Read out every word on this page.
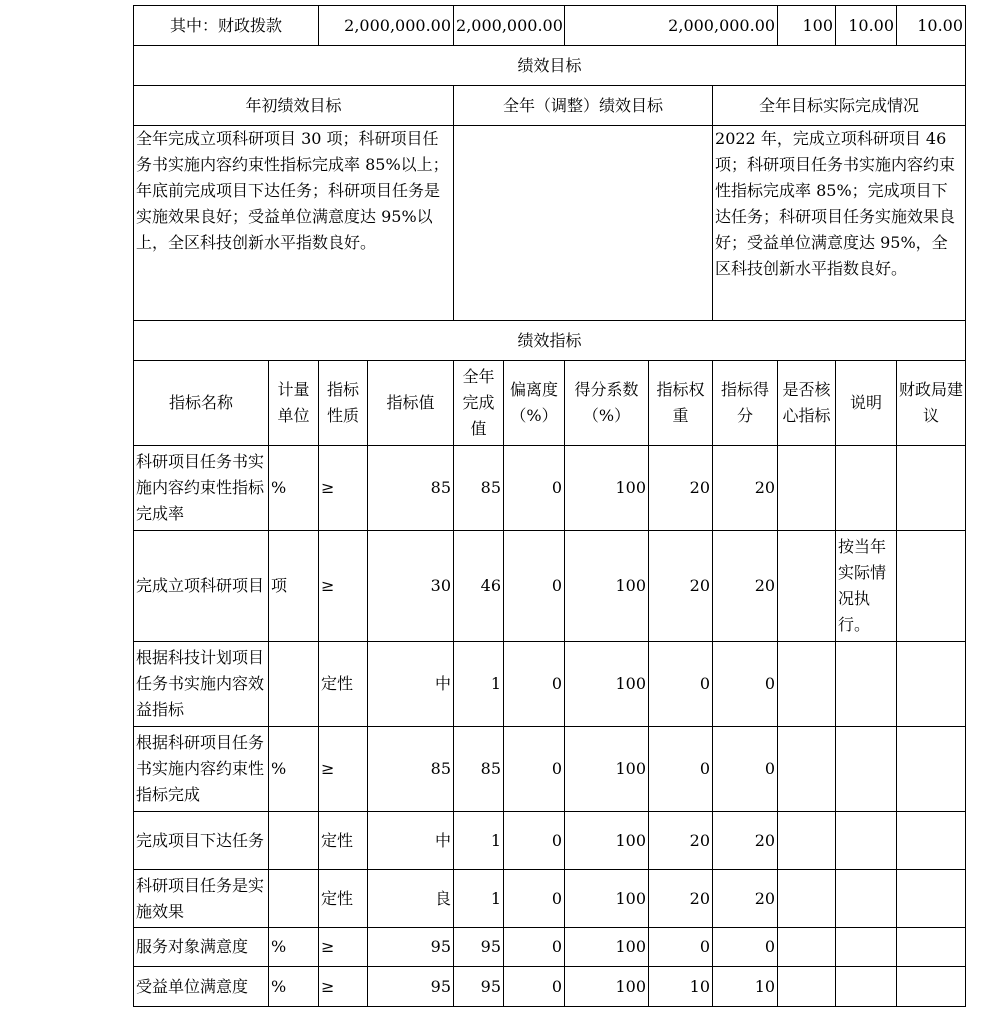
其中：财政拨款		2,000,000.00		2,000,000.00		2,000,000.00			100	10.00	10.00
绩效目标											
年初绩效目标				全年（调整）绩效目标				全年目标实际完成情况			
全年完成立项科研项目 30 项；科研项目任务书实施内容约束性指标完成率 85%以上；年底前完成项目下达任务；科研项目任务是实施效果良好；受益单位满意度达 95%以上，全区科技创新水平指数良好。								2022 年，完成立项科研项目 46 项；科研项目任务书实施内容约束性指标完成率 85%；完成项目下达任务；科研项目任务实施效果良好；受益单位满意度达 95%，全区科技创新水平指数良好。			
绩效指标											
指标名称	计量单位	指标性质	指标值	全年完成值	偏离度（%）	得分系数（%）	指标权重	指标得分	是否核心指标	说明	财政局建议
科研项目任务书实施内容约束性指标完成率	%	≥	85	85	0	100	20	20			
完成立项科研项目	项	≥	30	46	0	100	20	20		按当年实际情况执行。	
根据科技计划项目任务书实施内容效益指标		定性	中	1	0	100	0	0			
根据科研项目任务书实施内容约束性指标完成	%	≥	85	85	0	100	0	0			
完成项目下达任务		定性	中	1	0	100	20	20			
科研项目任务是实施效果		定性	良	1	0	100	20	20			
服务对象满意度	%	≥	95	95	0	100	0	0			
受益单位满意度	%	≥	95	95	0	100	10	10			
